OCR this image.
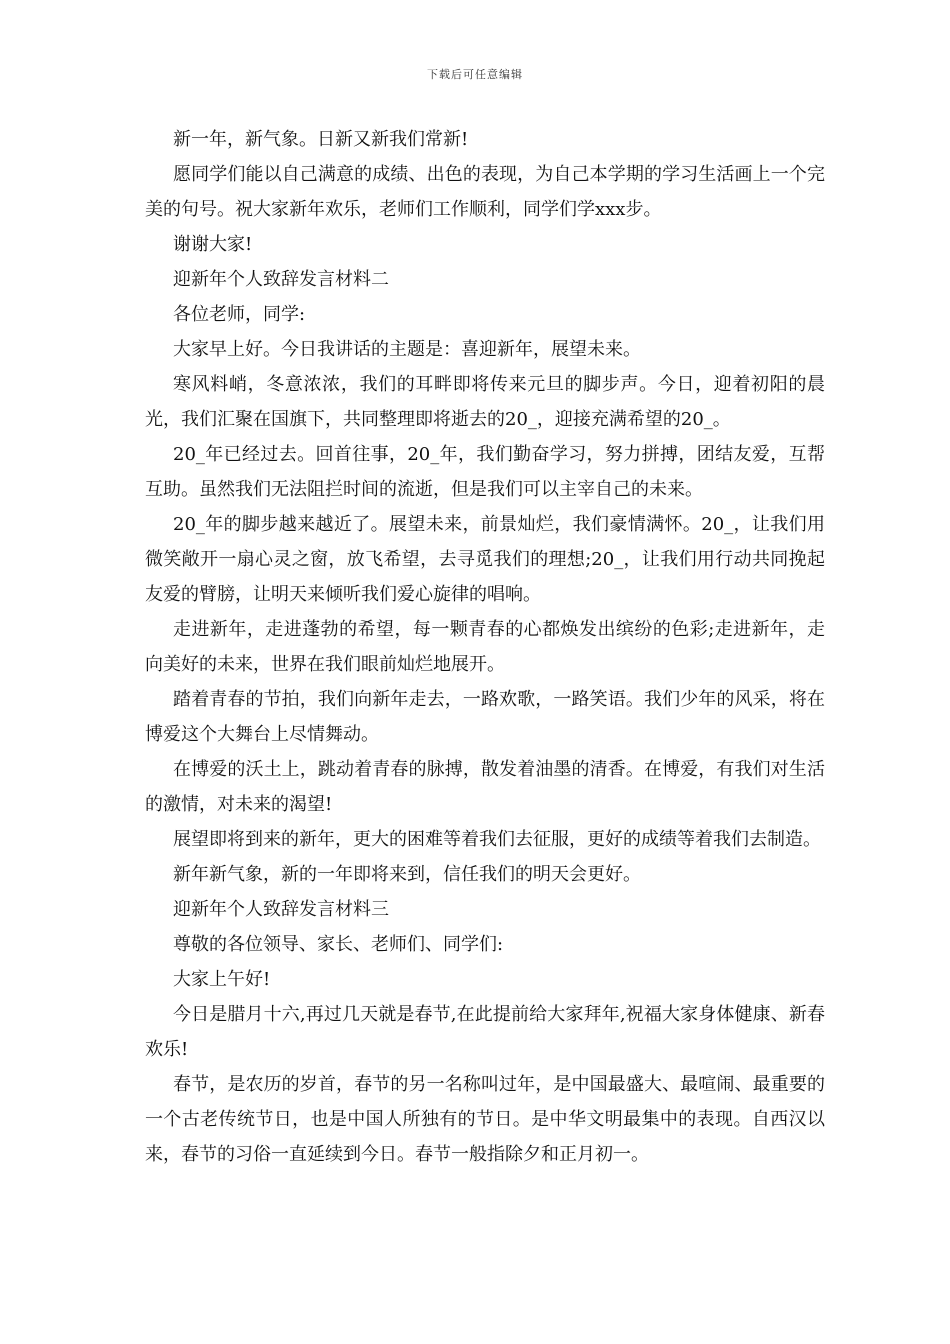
下载后可任意编辑

新一年，新气象。日新又新我们常新!

愿同学们能以自己满意的成绩、出色的表现，为自己本学期的学习生活画上一个完美的句号。祝大家新年欢乐，老师们工作顺利，同学们学xxx步。

谢谢大家!

迎新年个人致辞发言材料二

各位老师，同学:

大家早上好。今日我讲话的主题是：喜迎新年，展望未来。

寒风料峭，冬意浓浓，我们的耳畔即将传来元旦的脚步声。今日，迎着初阳的晨光，我们汇聚在国旗下，共同整理即将逝去的20_，迎接充满希望的20_。

20_年已经过去。回首往事，20_年，我们勤奋学习，努力拼搏，团结友爱，互帮互助。虽然我们无法阻拦时间的流逝，但是我们可以主宰自己的未来。

20_年的脚步越来越近了。展望未来，前景灿烂，我们豪情满怀。20_，让我们用微笑敞开一扇心灵之窗，放飞希望，去寻觅我们的理想;20_，让我们用行动共同挽起友爱的臂膀，让明天来倾听我们爱心旋律的唱响。

走进新年，走进蓬勃的希望，每一颗青春的心都焕发出缤纷的色彩;走进新年，走向美好的未来，世界在我们眼前灿烂地展开。

踏着青春的节拍，我们向新年走去，一路欢歌，一路笑语。我们少年的风采，将在博爱这个大舞台上尽情舞动。

在博爱的沃土上，跳动着青春的脉搏，散发着油墨的清香。在博爱，有我们对生活的激情，对未来的渴望!

展望即将到来的新年，更大的困难等着我们去征服，更好的成绩等着我们去制造。

新年新气象，新的一年即将来到，信任我们的明天会更好。

迎新年个人致辞发言材料三

尊敬的各位领导、家长、老师们、同学们:

大家上午好!

今日是腊月十六,再过几天就是春节,在此提前给大家拜年,祝福大家身体健康、新春欢乐!

春节，是农历的岁首，春节的另一名称叫过年，是中国最盛大、最喧闹、最重要的一个古老传统节日，也是中国人所独有的节日。是中华文明最集中的表现。自西汉以来，春节的习俗一直延续到今日。春节一般指除夕和正月初一。
